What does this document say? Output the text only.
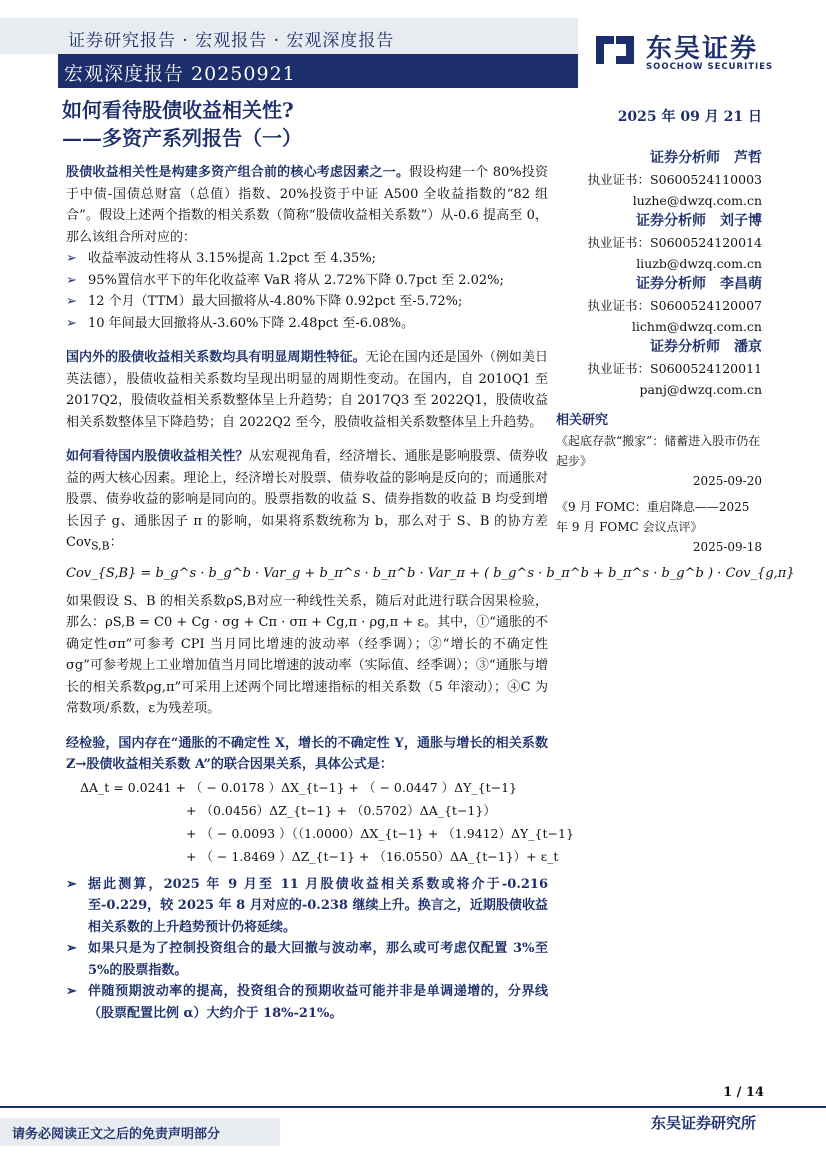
证券研究报告 · 宏观报告 · 宏观深度报告
宏观深度报告 20250921
东吴证券
SOOCHOW SECURITIES
如何看待股债收益相关性?
——多资产系列报告（一）
2025 年 09 月 21 日

股债收益相关性是构建多资产组合前的核心考虑因素之一。假设构建一个 80%投资于中债-国债总财富（总值）指数、20%投资于中证 A500 全收益指数的“82 组合”。假设上述两个指数的相关系数（简称“股债收益相关系数”）从-0.6 提高至 0，那么该组合所对应的：

➢ 收益率波动性将从 3.15%提高 1.2pct 至 4.35%;
➢ 95%置信水平下的年化收益率 VaR 将从 2.72%下降 0.7pct 至 2.02%;
➢ 12 个月（TTM）最大回撤将从-4.80%下降 0.92pct 至-5.72%;
➢ 10 年间最大回撤将从-3.60%下降 2.48pct 至-6.08%。

国内外的股债收益相关系数均具有明显周期性特征。无论在国内还是国外（例如美日英法德），股债收益相关系数均呈现出明显的周期性变动。在国内，自 2010Q1 至 2017Q2，股债收益相关系数整体呈上升趋势；自 2017Q3 至 2022Q1，股债收益相关系数整体呈下降趋势；自 2022Q2 至今，股债收益相关系数整体呈上升趋势。

如何看待国内股债收益相关性？从宏观视角看，经济增长、通胀是影响股票、债券收益的两大核心因素。理论上，经济增长对股票、债券收益的影响是反向的；而通胀对股票、债券收益的影响是同向的。股票指数的收益 S、债券指数的收益 B 均受到增长因子 g、通胀因子 π 的影响，如果将系数统称为 b，那么对于 S、B 的协方差Cov$_{S,B}$：

Cov_{S,B} = b_g^s · b_g^b · Var_g + b_π^s · b_π^b · Var_π + ( b_g^s · b_π^b + b_π^s · b_g^b ) · Cov_{g,π}

如果假设 S、B 的相关系数ρS,B对应一种线性关系，随后对此进行联合因果检验，那么：ρS,B = C0 + Cg · σg + Cπ · σπ + Cg,π · ρg,π + ε。其中，①“通胀的不确定性σπ”可参考 CPI 当月同比增速的波动率（经季调）；②“增长的不确定性σg”可参考规上工业增加值当月同比增速的波动率（实际值、经季调）；③“通胀与增长的相关系数ρg,π”可采用上述两个同比增速指标的相关系数（5 年滚动）；④C 为常数项/系数，ε为残差项。

经检验，国内存在“通胀的不确定性 X，增长的不确定性 Y，通胀与增长的相关系数 Z→股债收益相关系数 A”的联合因果关系，具体公式是：

ΔA_t = 0.0241 + （ − 0.0178 ）ΔX_{t−1} + （ − 0.0447 ）ΔY_{t−1}
+ （0.0456）ΔZ_{t−1} + （0.5702）ΔA_{t−1}）
+ （ − 0.0093 ）（（1.0000）ΔX_{t−1} + （1.9412）ΔY_{t−1}
+ （ − 1.8469 ）ΔZ_{t−1} + （16.0550）ΔA_{t−1}）+ ε_t
➢ 据此测算，2025 年 9 月至 11 月股债收益相关系数或将介于-0.216 至-0.229，较 2025 年 8 月对应的-0.238 继续上升。换言之，近期股债收益相关系数的上升趋势预计仍将延续。
➢ 如果只是为了控制投资组合的最大回撤与波动率，那么或可考虑仅配置 3%至 5%的股票指数。
➢ 伴随预期波动率的提高，投资组合的预期收益可能并非是单调递增的，分界线（股票配置比例 α）大约介于 18%-21%。
证券分析师　芦哲
执业证书：S0600524110003
luzhe@dwzq.com.cn
证券分析师　刘子博
执业证书：S0600524120014
liuzb@dwzq.com.cn
证券分析师　李昌萌
执业证书：S0600524120007
lichm@dwzq.com.cn
证券分析师　潘京
执业证书：S0600524120011
panj@dwzq.com.cn
相关研究
《起底存款“搬家”：储蓄进入股市仍在起步》
2025-09-20
《9 月 FOMC：重启降息——2025 年 9 月 FOMC 会议点评》
2025-09-18
1 / 14
请务必阅读正文之后的免责声明部分
东吴证券研究所
